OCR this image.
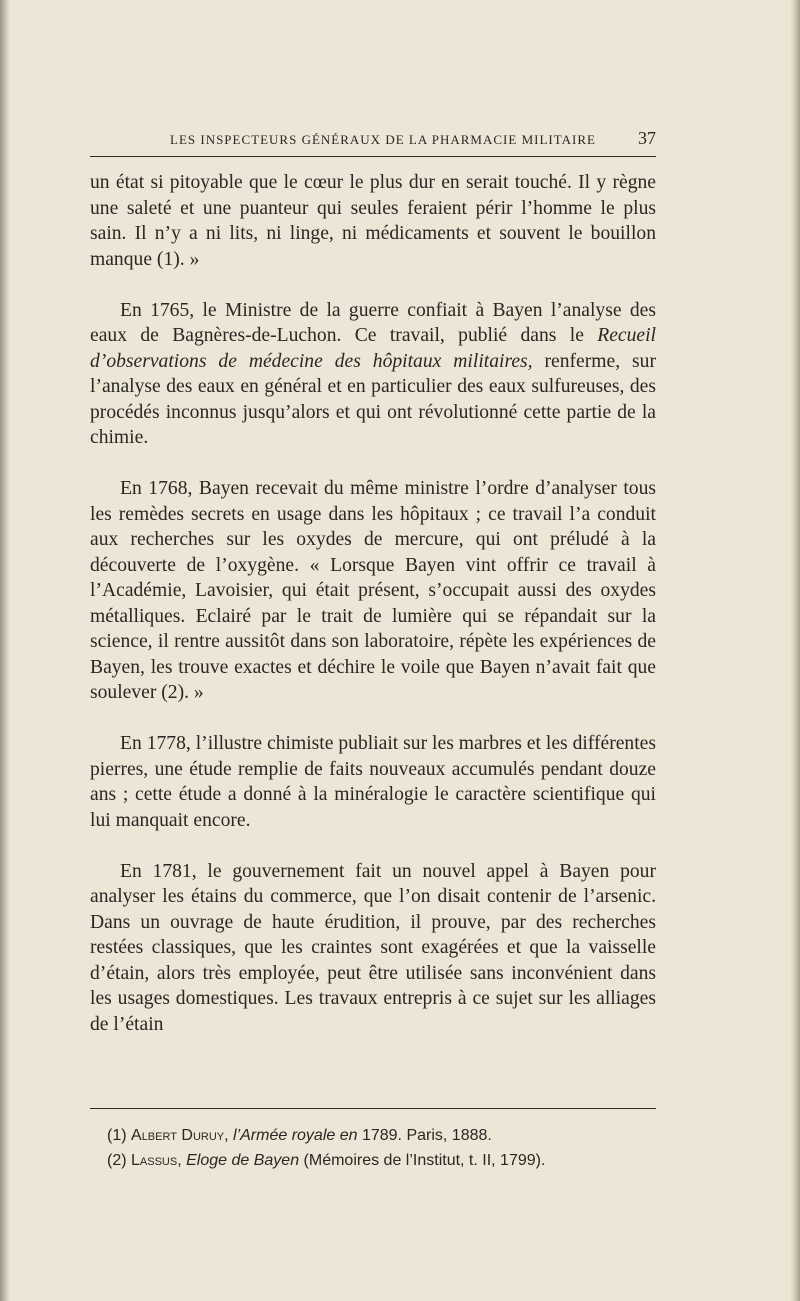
LES INSPECTEURS GÉNÉRAUX DE LA PHARMACIE MILITAIRE 37

un état si pitoyable que le cœur le plus dur en serait touché. Il y règne une saleté et une puanteur qui seules feraient périr l’homme le plus sain. Il n’y a ni lits, ni linge, ni médicaments et souvent le bouillon manque (1). »

En 1765, le Ministre de la guerre confiait à Bayen l’analyse des eaux de Bagnères-de-Luchon. Ce travail, publié dans le Recueil d’observations de médecine des hôpitaux militaires, renferme, sur l’analyse des eaux en général et en particulier des eaux sulfureuses, des procédés inconnus jusqu’alors et qui ont révolutionné cette partie de la chimie.

En 1768, Bayen recevait du même ministre l’ordre d’analyser tous les remèdes secrets en usage dans les hôpitaux ; ce travail l’a conduit aux recherches sur les oxydes de mercure, qui ont préludé à la découverte de l’oxygène. « Lorsque Bayen vint offrir ce travail à l’Académie, Lavoisier, qui était présent, s’occupait aussi des oxydes métalliques. Eclairé par le trait de lumière qui se répandait sur la science, il rentre aussitôt dans son laboratoire, répète les expériences de Bayen, les trouve exactes et déchire le voile que Bayen n’avait fait que soulever (2). »

En 1778, l’illustre chimiste publiait sur les marbres et les différentes pierres, une étude remplie de faits nouveaux accumulés pendant douze ans ; cette étude a donné à la minéralogie le caractère scientifique qui lui manquait encore.

En 1781, le gouvernement fait un nouvel appel à Bayen pour analyser les étains du commerce, que l’on disait contenir de l’arsenic. Dans un ouvrage de haute érudition, il prouve, par des recherches restées classiques, que les craintes sont exagérées et que la vaisselle d’étain, alors très employée, peut être utilisée sans inconvénient dans les usages domestiques. Les travaux entrepris à ce sujet sur les alliages de l’étain

(1) Albert Duruy, l’Armée royale en 1789. Paris, 1888.

(2) Lassus, Eloge de Bayen (Mémoires de l’Institut, t. II, 1799).
